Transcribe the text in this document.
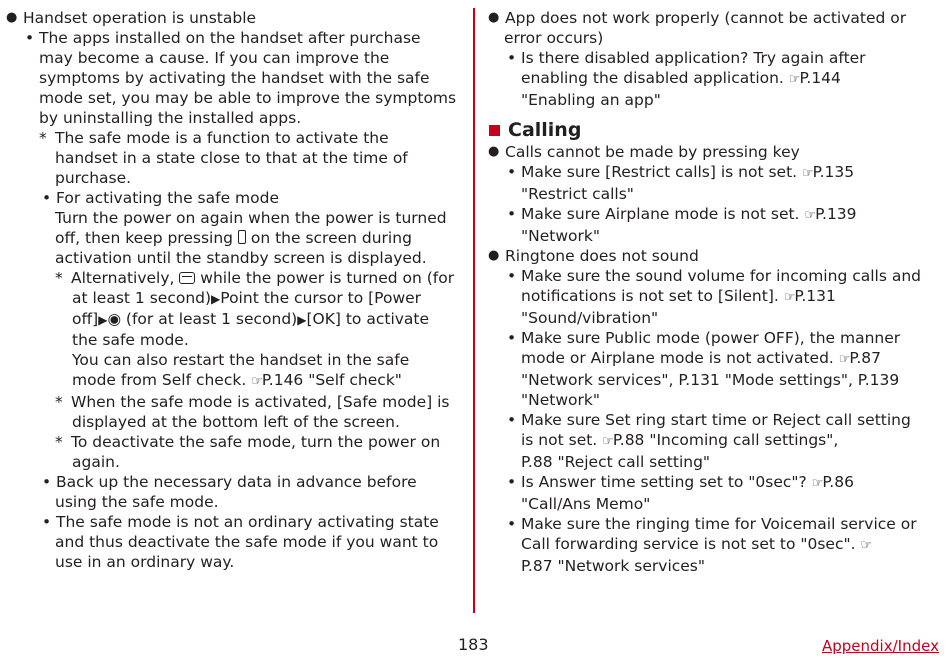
● Handset operation is unstable
• The apps installed on the handset after purchase
may become a cause. If you can improve the
symptoms by activating the handset with the safe
mode set, you may be able to improve the symptoms
by uninstalling the installed apps.
* The safe mode is a function to activate the
handset in a state close to that at the time of
purchase.
• For activating the safe mode
Turn the power on again when the power is turned
off, then keep pressing  on the screen during
activation until the standby screen is displayed.
* Alternatively,  while the power is turned on (for
at least 1 second)▶Point the cursor to [Power
off]▶◉ (for at least 1 second)▶[OK] to activate
the safe mode.
You can also restart the handset in the safe
mode from Self check. ☞P.146 "Self check"
* When the safe mode is activated, [Safe mode] is
displayed at the bottom left of the screen.
* To deactivate the safe mode, turn the power on
again.
• Back up the necessary data in advance before
using the safe mode.
• The safe mode is not an ordinary activating state
and thus deactivate the safe mode if you want to
use in an ordinary way.
● App does not work properly (cannot be activated or
error occurs)
• Is there disabled application? Try again after
enabling the disabled application. ☞P.144
"Enabling an app"
Calling
● Calls cannot be made by pressing key
• Make sure [Restrict calls] is not set. ☞P.135
"Restrict calls"
• Make sure Airplane mode is not set. ☞P.139
"Network"
● Ringtone does not sound
• Make sure the sound volume for incoming calls and
notifications is not set to [Silent]. ☞P.131
"Sound/vibration"
• Make sure Public mode (power OFF), the manner
mode or Airplane mode is not activated. ☞P.87
"Network services", P.131 "Mode settings", P.139
"Network"
• Make sure Set ring start time or Reject call setting
is not set. ☞P.88 "Incoming call settings",
P.88 "Reject call setting"
• Is Answer time setting set to "0sec"? ☞P.86
"Call/Ans Memo"
• Make sure the ringing time for Voicemail service or
Call forwarding service is not set to "0sec". ☞
P.87 "Network services"
183	Appendix/Index
